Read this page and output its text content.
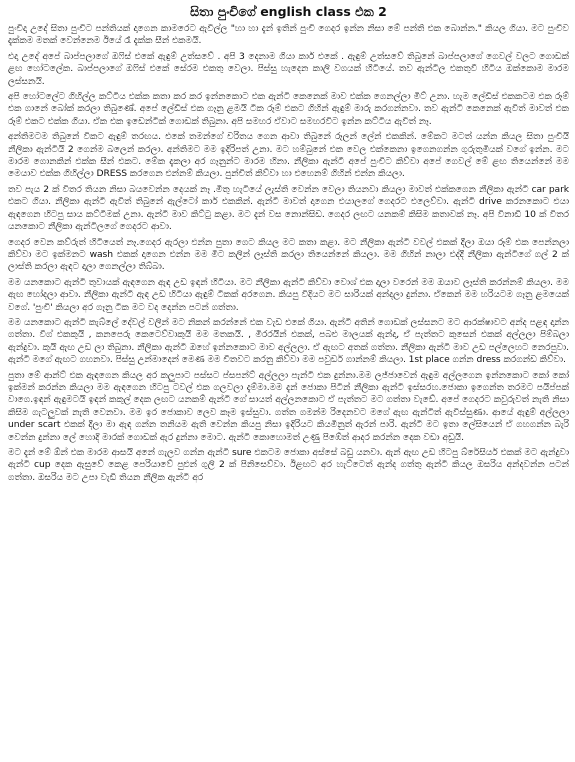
සිතා පුංචිගේ english class එක 2

පුංචිදා උදේ සිතා පුංචිට පන්තියක් දාගෙන කාමරෙට ඇවිල්ල "හා හා දැන් ඉතින් පුංචි ගෙදර ඉන්න නිසා මේ පන්ති එක බොන්න." කියල ගියා. මට පුංචිව දැක්කම මතක් වෙන්නෙම ඊයේ රෑ දැක්ක සීන් එකමයි.

එදා උදේ අපේ බාප්පලාගේ ඔෆිස් එකේ ඇඳුම් උත්සවේ . අපි 3 දෙනාම ගියා කාර් එකේ . ඇඳුම් උත්සවේ තිබුනේ බාප්පලාගේ ගෙවල් වලට ගොඩක් ළඟ හෝටලේක. බාප්පලාගේ ඔෆිස් එකේ සේරම එකතු වෙලා. පිස්සු හැදෙන කාලි වගයක් හිටියේ. තව ඇන්ටිල එකතුවී හිටිය ඔක්කොම මාරම ලස්සනයි.

අපි හෝටලේට ගිහිල්ල කට්ටිය එක්ක කතා කර කර ඉන්නකොට එක ඇන්ටි කෙනෙක් මාව එක්ක ගෙනල්ලා මිට් උනා. හැම ලේඩිස් එකකටම එක රූම් එක ගානේ බෝක් කරලා තිබුණේ. අපේ ලේඩිස් එක ගෑනු ළමයි ටික රූම් එකට ගිහින් ඇඳුම් මාරු කරගන්නවා. තව ඇන්ටි කෙනෙක් ඇවිත් මාවත් එක රූම් එකට එක්ක ගියා. ඒක එක ඉඩෙන්ටික් ගොඩක් තිබුනා. අපි සමහර ඒවාට සමහරවිට ඉන්න කට්ටිය ඇවිත් නෑ.

අන්තිමටම තිබුනේ විකට ඇඳුම් තරඟය. එකේ තමන්ගේ චරිතය ගෙන ආවා තිබුනේ රූලන් ලේන් එකකින්. මේකට මටත් යන්න කියල සිතා පුංචියි නීලිකා ඇන්ටියි 2 ගෙන්ම බලෙන් කරලා. අන්තිමට මම ඉදිරිපත් උනා. මට හම්බුනේ එක වෙල එක්කෙනා ඉගෙනගන්න ගුරුතුමියක් වගේ ඉන්න. මට මාරම ගොනකින් එක්ක සීන් එකට. මේක දැකලා අර ගෑනුන්ට මාරම හිනා. නීලිකා ඇන්ටී අපේ පුංචිට කිව්වා අපේ ගෙවල් මේ ළඟ තියෙන්නේ මම මෙයාව එක්ක ගිහිල්ලා DRESS කරගෙන එන්නම් කියලා. පුන්චිත් කිව්වා හා එහෙනම් ගිහින් එන්න කියලා.

තව පැය 2 ක් විතර තියන නිසා බයවෙන්න දෙයක් නෑ .මිතු හැටියේ ලැස්ති වෙන්න වෙලා තියනවා කියලා මාවත් එක්කගෙන නීලිකා ඇන්ටි car park එකට ගියා. නීලිකා ඇන්ටි ඇවිත් තිබුනේ ඇල්ටෝ කාර් එකකින්. ඇන්ටී මාවත් දාගෙන එයාලගේ ගෙදරට එලෙව්වා. ඇන්ටි drive කරනකොට එයා ඇඳගෙන හිටපු සාය කට්ටිමක් උනා. ඇන්ටි මාව කිට්ටු කළා. මට දැන් වස නොන්සිඩ. ගෙදර ලඟට යනකම් කිසිම කතාවක් නෑ. අපි විනාඩි 10 ක් විතර යනකොට නීලිකා ඇන්ටිලගේ ගෙදරට ආවා.

ගෙදර වෙන කව්රුත් හිටියෙත් නෑ.ගෙදර ඇරලා එන්න පුතා ගෙට කියල මට කතා කළා. මට නීලිකා ඇන්ටි වවල් එකක් දීලා ඔයා රූම් එක පෙන්නලා කිව්වා මට ඉක්මනට wash එකක් දාගෙන එන්න මම මීට කලින් ලෑස්ති කරලා තියෙන්නේ කියලා. මම ගිහින් නාලා එද්දී නීලිකා ඇන්ටිගේ ගල් 2 ක් ලාස්ති කරලා ඇඳට දාලා ගෙනල්ලා තිබ්බා.

මම යනකොට ඇන්ටි තුවායක් ඇඳගෙන ඇඳ උඩ ඉඳන් හිටියා. මට නීලිකා ඇන්ටි කිව්වා වොශ් එක දාලා වරෙන් මම ඔයාව ලෑස්ති කරන්නම් කියලා. මම ඇඟ හෝදලා ආවා. නීලිකා ඇන්ටි ඇඳ උඩ හිටියා ඇඳුම් ටිකක් අරගෙන. කියපු විදියට මට සාරියක් අන්දලා දුන්නා. ඒකෙන් මම හරියටම ගෑනු ළමයෙක් වගේ. 'පුංචි' කියලා අර ගෑනු ටික මට වද දෙන්න පටන් ගත්තා.

මම යනකොට ඇන්ටි කැබ්ලේ දේවල් වලින් මට නිකන් කරන්නේ එක වැඩ එකේ ගියා. ඇන්ටි අතින් ගොඩක් ලස්සනට මට ආරක්ෂාවට අන්ද පළඳ දාන්න ගත්තා. වීග් එකකුයි , කනපෙරු කෙටෙව්වාකුයි මම මතකයි. , මිරරයින් එකක්, පබළු මාලයක් ඇන්දා, ඒ පැත්තට කුසෙන් එකක් අල්ලලා පිම්බලා ඇන්දුවා. කුයි ඇඟ උඩ ලා තිබුනා. නීලිකා ඇන්ටි ඔහේ ඉන්නකොට මාව අල්ලලා. ඒ ඇඟට අතක් ගත්තා. නීලිකා ඇන්ටි මාව උඩ පල්ලෙහට නෙරපුවා. ඇන්ටි මගේ ඇඟට ගහනවා. පිස්සු උන්මාදෙන් මෙණ මම චීතවට කරනු කිව්වා මම පවුඩර් ගාන්නම් කියලා. 1st place ගන්න dress කරගන්ඩ කිව්වා.

පුතා මේ ආන්ට් එක ඇඳගෙන කියල අර කලුපාට පස්සට ප්සපන්ට් අල්ලලා පැන්ටි එක දුන්නා.මම ලජ්ජාවෙන් ඇඳුම අල්ලගෙන ඉන්නකොට කෝ කෝ ඉක්මන් කරන්න කියලා මම ඇඳගෙන හිටපු ටවල් එක ගලවලා දැම්මා.මම දැන් ජොකා පිටින් නීලිකා ඇන්ටි ඉස්සරහ.ජොකා ඉගෙන්ත තරමට පයිප්පක් වාගෙ.ඉඳන් ඇඳුමටයි ඉඳන් කකුල් දෙක ලඟට යනකම් ඇන්ටි ගේ සායත් අල්ලනකොට ඒ පැත්තට මට ගත්තා වැඩේ. අපේ ගෙදරට කවුරුවත් නැති නිසා කිසිම ගැටලුවක් නැති වෙනවා. මම ඉර ජොකාව ලෙව කෑම ඉස්සුවා. ගත්ත ගමන්ම රිදෙනවට මගේ ඇඟ ඇන්ටිත් ඇවිස්සුණා. ආයේ ඇඳුම් අල්ලලා under scart එකක් දීලා මා ඇඳ ගන්න තනියම ඇති වෙන්න කියපු නිසා ඉදිරියට කියමිනුත් ඇරන් පාරි. ඇන්ටි මට ඉතා ලේසියෙන් ඒ ගහගන්න බැරි වෙන්න දුන්නා ලේ හොදි මාරක් ගොඩක් ඇර දුන්නා මොට. ඇන්ටි කොහොමත් උණු පිඹේත් ආදර කරන්න දෙක වඩා අඩුයි.

මට දැන් මේ ඕන් එක මාරම ආසයි අනේ ගැලව ගන්න ඇන්ටි sure එකටම ජොකා අස්සේ බඩු යනවා. ඇන් ඇඟ උඩ හිටපු බ්රේසියර් එකක් මට ඇන්දුවා ඇන්ටි cup දෙක ඇසුවේ කෙළ පෙරියාවේ පුළුන් ගුලි 2 ක් පිනිසෙව්වා. ඊළඟට අර හැට්ටෙත් ඇන්ද ගත්තු ඇන්ටි කියල ඔසරිය අන්දවන්න පටන් ගත්තා. ඔසරිය මට උපා වැඩි තියන නීලික ඇන්ටි අර
